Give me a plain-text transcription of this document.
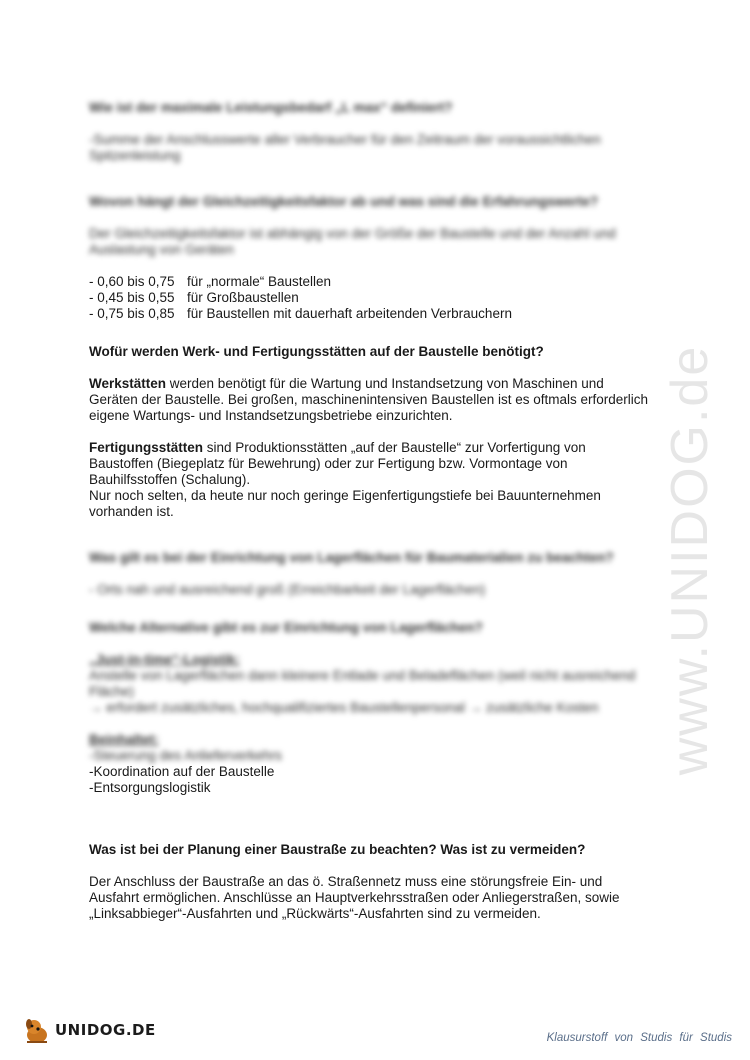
www.UNIDOG.de

Wie ist der maximale Leistungsbedarf „L max“ definiert?

-Summe der Anschlusswerte aller Verbraucher für den Zeitraum der voraussichtlichen Spitzenleistung

Wovon hängt der Gleichzeitigkeitsfaktor ab und was sind die Erfahrungswerte?

Der Gleichzeitigkeitsfaktor ist abhängig von der Größe der Baustelle und der Anzahl und Auslastung von Geräten

- 0,60 bis 0,75 für „normale“ Baustellen
- 0,45 bis 0,55 für Großbaustellen
- 0,75 bis 0,85 für Baustellen mit dauerhaft arbeitenden Verbrauchern

Wofür werden Werk- und Fertigungsstätten auf der Baustelle benötigt?

Werkstätten werden benötigt für die Wartung und Instandsetzung von Maschinen und Geräten der Baustelle. Bei großen, maschinenintensiven Baustellen ist es oftmals erforderlich eigene Wartungs- und Instandsetzungsbetriebe einzurichten.

Fertigungsstätten sind Produktionsstätten „auf der Baustelle“ zur Vorfertigung von Baustoffen (Biegeplatz für Bewehrung) oder zur Fertigung bzw. Vormontage von Bauhilfsstoffen (Schalung).

Nur noch selten, da heute nur noch geringe Eigenfertigungstiefe bei Bauunternehmen vorhanden ist.

Was gilt es bei der Einrichtung von Lagerflächen für Baumaterialien zu beachten?

- Orts nah und ausreichend groß (Erreichbarkeit der Lagerflächen)

Welche Alternative gibt es zur Einrichtung von Lagerflächen?

„Just-in-time“-Logistik:

Anstelle von Lagerflächen dann kleinere Entlade und Beladeflächen (weil nicht ausreichend Fläche)

→ erfordert zusätzliches, hochqualifiziertes Baustellenpersonal → zusätzliche Kosten

Beinhaltet:

-Steuerung des Anlieferverkehrs

-Koordination auf der Baustelle

-Entsorgungslogistik

Was ist bei der Planung einer Baustraße zu beachten? Was ist zu vermeiden?

Der Anschluss der Baustraße an das ö. Straßennetz muss eine störungsfreie Ein- und Ausfahrt ermöglichen. Anschlüsse an Hauptverkehrsstraßen oder Anliegerstraßen, sowie „Linksabbieger“-Ausfahrten und „Rückwärts“-Ausfahrten sind zu vermeiden.

UNIDOG.DE	Klausurstoff von Studis für Studis
